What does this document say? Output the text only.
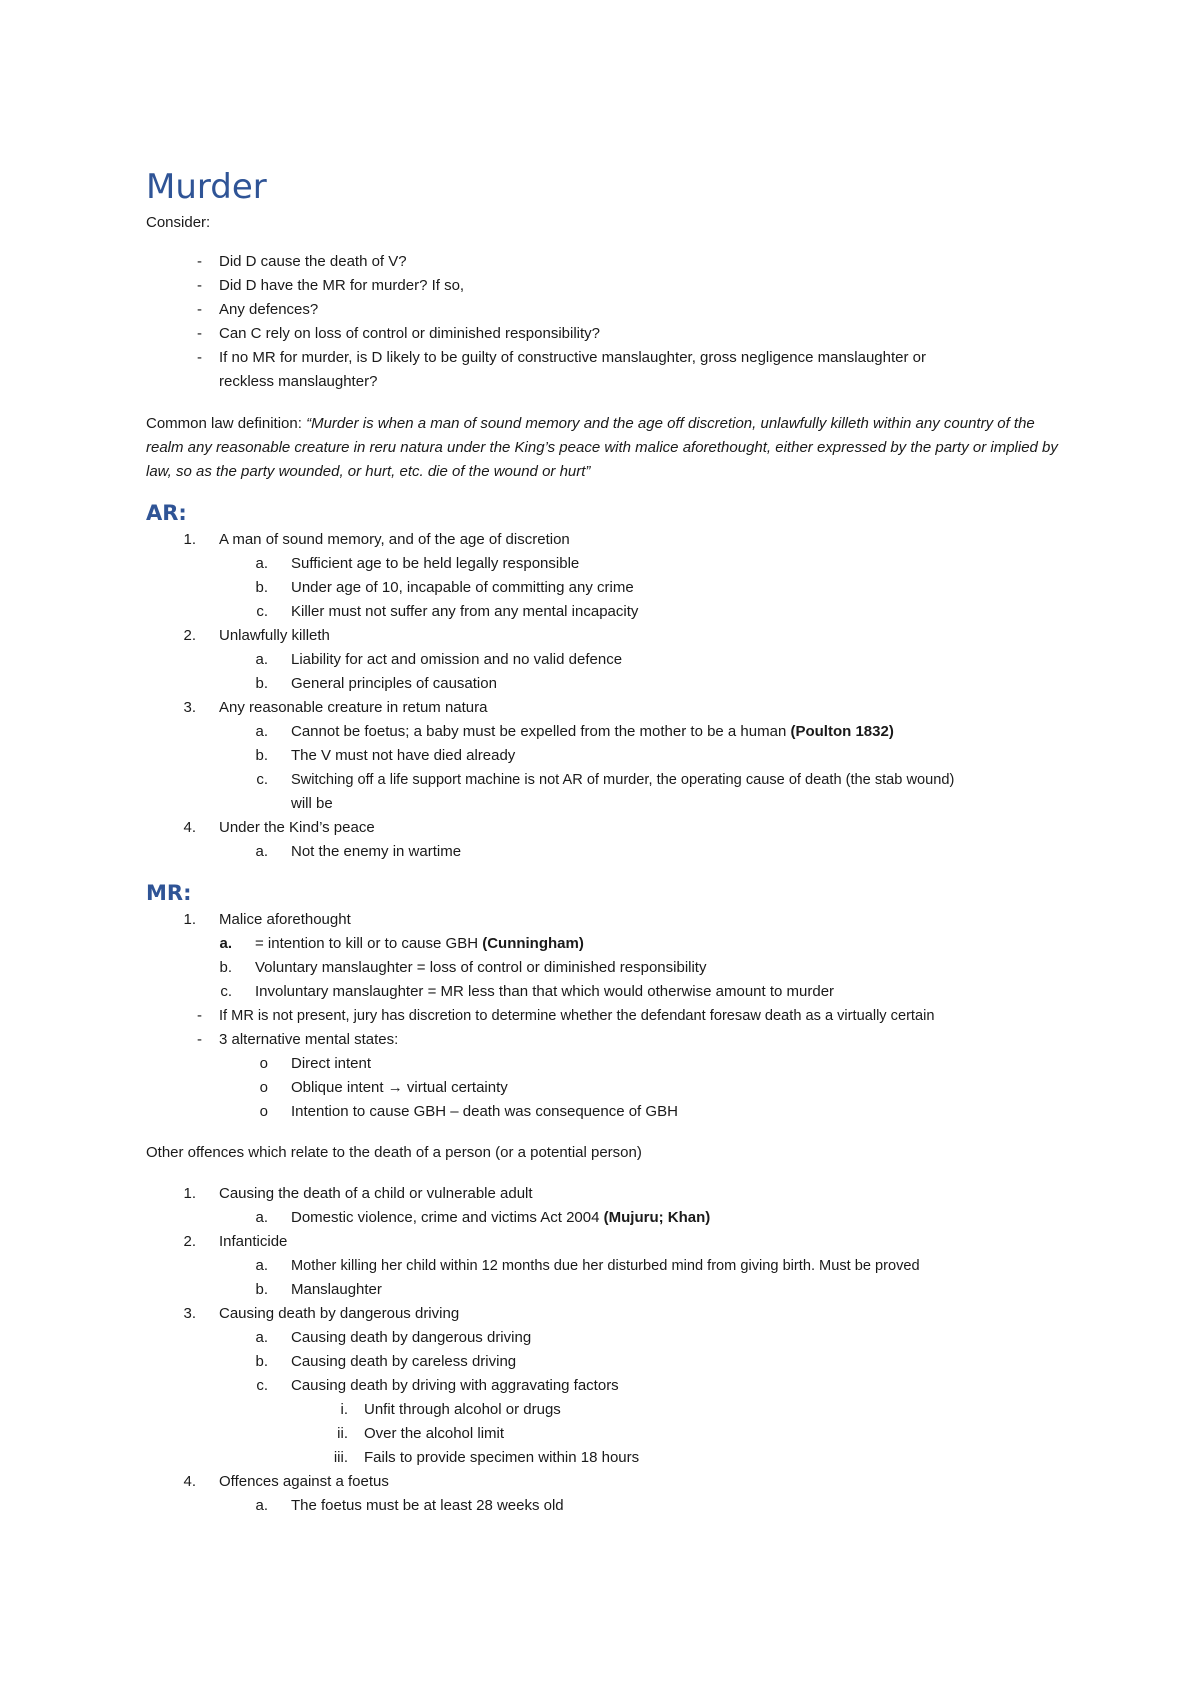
Murder
Consider:
- Did D cause the death of V?
- Did D have the MR for murder? If so,
- Any defences?
- Can C rely on loss of control or diminished responsibility?
- If no MR for murder, is D likely to be guilty of constructive manslaughter, gross negligence manslaughter or
reckless manslaughter?
Common law definition: “Murder is when a man of sound memory and the age off discretion, unlawfully killeth within any country of the realm any reasonable creature in reru natura under the King’s peace with malice aforethought, either expressed by the party or implied by law, so as the party wounded, or hurt, etc. die of the wound or hurt”
AR:
1. A man of sound memory, and of the age of discretion
a. Sufficient age to be held legally responsible
b. Under age of 10, incapable of committing any crime
c. Killer must not suffer any from any mental incapacity
2. Unlawfully killeth
a. Liability for act and omission and no valid defence
b. General principles of causation
3. Any reasonable creature in retum natura
a. Cannot be foetus; a baby must be expelled from the mother to be a human (Poulton 1832)
b. The V must not have died already
c. Switching off a life support machine is not AR of murder, the operating cause of death (the stab wound)
will be
4. Under the Kind’s peace
a. Not the enemy in wartime
MR:
1. Malice aforethought
a. = intention to kill or to cause GBH (Cunningham)
b. Voluntary manslaughter = loss of control or diminished responsibility
c. Involuntary manslaughter = MR less than that which would otherwise amount to murder
- If MR is not present, jury has discretion to determine whether the defendant foresaw death as a virtually certain
- 3 alternative mental states:
o Direct intent
o Oblique intent → virtual certainty
o Intention to cause GBH – death was consequence of GBH
Other offences which relate to the death of a person (or a potential person)
1. Causing the death of a child or vulnerable adult
a. Domestic violence, crime and victims Act 2004 (Mujuru; Khan)
2. Infanticide
a. Mother killing her child within 12 months due her disturbed mind from giving birth. Must be proved
b. Manslaughter
3. Causing death by dangerous driving
a. Causing death by dangerous driving
b. Causing death by careless driving
c. Causing death by driving with aggravating factors
i. Unfit through alcohol or drugs
ii. Over the alcohol limit
iii. Fails to provide specimen within 18 hours
4. Offences against a foetus
a. The foetus must be at least 28 weeks old
